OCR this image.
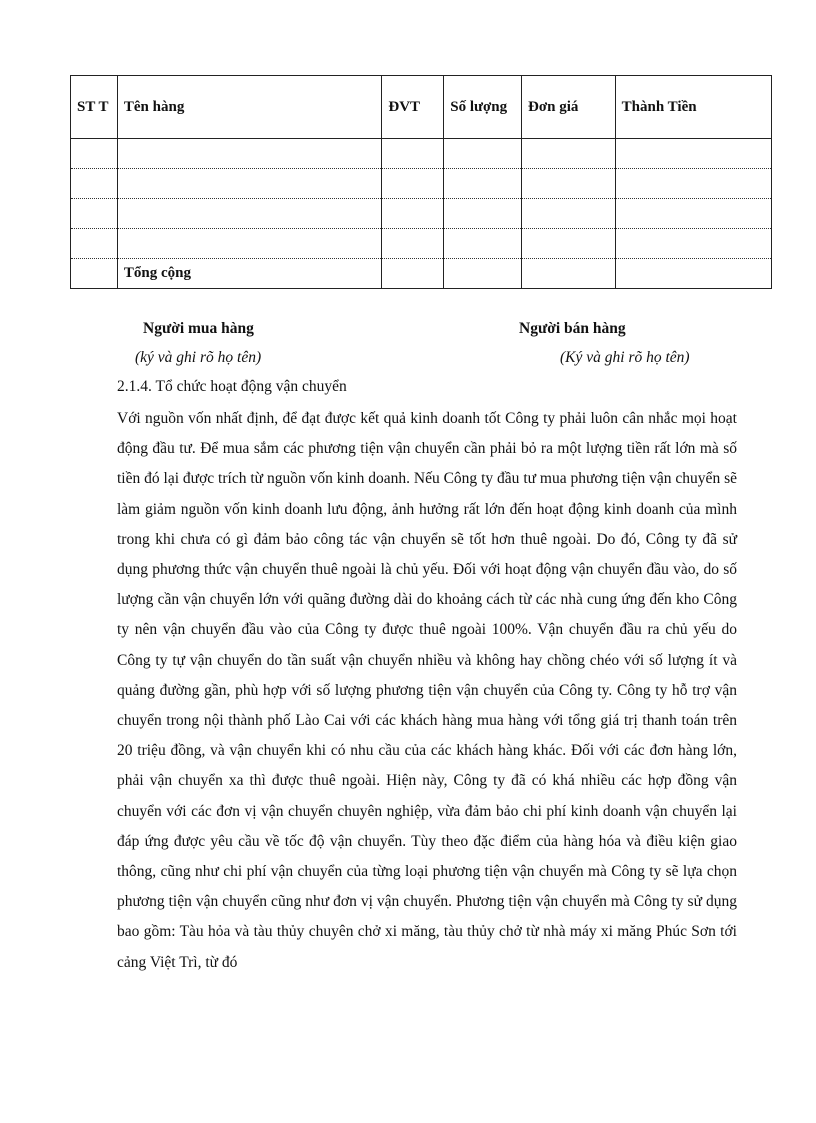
ST T	Tên hàng	ĐVT	Số lượng	Đơn giá	Thành Tiền

	Tổng cộng				
Người mua hàng
(ký và ghi rõ họ tên)
Người bán hàng
(Ký và ghi rõ họ tên)
2.1.4. Tổ chức hoạt động vận chuyển

Với nguồn vốn nhất định, để đạt được kết quả kinh doanh tốt Công ty phải luôn cân nhắc mọi hoạt động đầu tư. Để mua sắm các phương tiện vận chuyển cần phải bỏ ra một lượng tiền rất lớn mà số tiền đó lại được trích từ nguồn vốn kinh doanh. Nếu Công ty đầu tư mua phương tiện vận chuyển sẽ làm giảm nguồn vốn kinh doanh lưu động, ảnh hưởng rất lớn đến hoạt động kinh doanh của mình trong khi chưa có gì đảm bảo công tác vận chuyển sẽ tốt hơn thuê ngoài. Do đó, Công ty đã sử dụng phương thức vận chuyển thuê ngoài là chủ yếu. Đối với hoạt động vận chuyển đầu vào, do số lượng cần vận chuyển lớn với quãng đường dài do khoảng cách từ các nhà cung ứng đến kho Công ty nên vận chuyển đầu vào của Công ty được thuê ngoài 100%. Vận chuyển đầu ra chủ yếu do Công ty tự vận chuyển do tần suất vận chuyển nhiều và không hay chồng chéo với số lượng ít và quảng đường gần, phù hợp với số lượng phương tiện vận chuyển của Công ty. Công ty hỗ trợ vận chuyển trong nội thành phố Lào Cai với các khách hàng mua hàng với tổng giá trị thanh toán trên 20 triệu đồng, và vận chuyển khi có nhu cầu của các khách hàng khác. Đối với các đơn hàng lớn, phải vận chuyển xa thì được thuê ngoài. Hiện này, Công ty đã có khá nhiều các hợp đồng vận chuyển với các đơn vị vận chuyển chuyên nghiệp, vừa đảm bảo chi phí kinh doanh vận chuyển lại đáp ứng được yêu cầu về tốc độ vận chuyển. Tùy theo đặc điểm của hàng hóa và điều kiện giao thông, cũng như chi phí vận chuyển của từng loại phương tiện vận chuyển mà Công ty sẽ lựa chọn phương tiện vận chuyển cũng như đơn vị vận chuyển. Phương tiện vận chuyển mà Công ty sử dụng bao gồm: Tàu hỏa và tàu thủy chuyên chở xi măng, tàu thủy chở từ nhà máy xi măng Phúc Sơn tới cảng Việt Trì, từ đó
